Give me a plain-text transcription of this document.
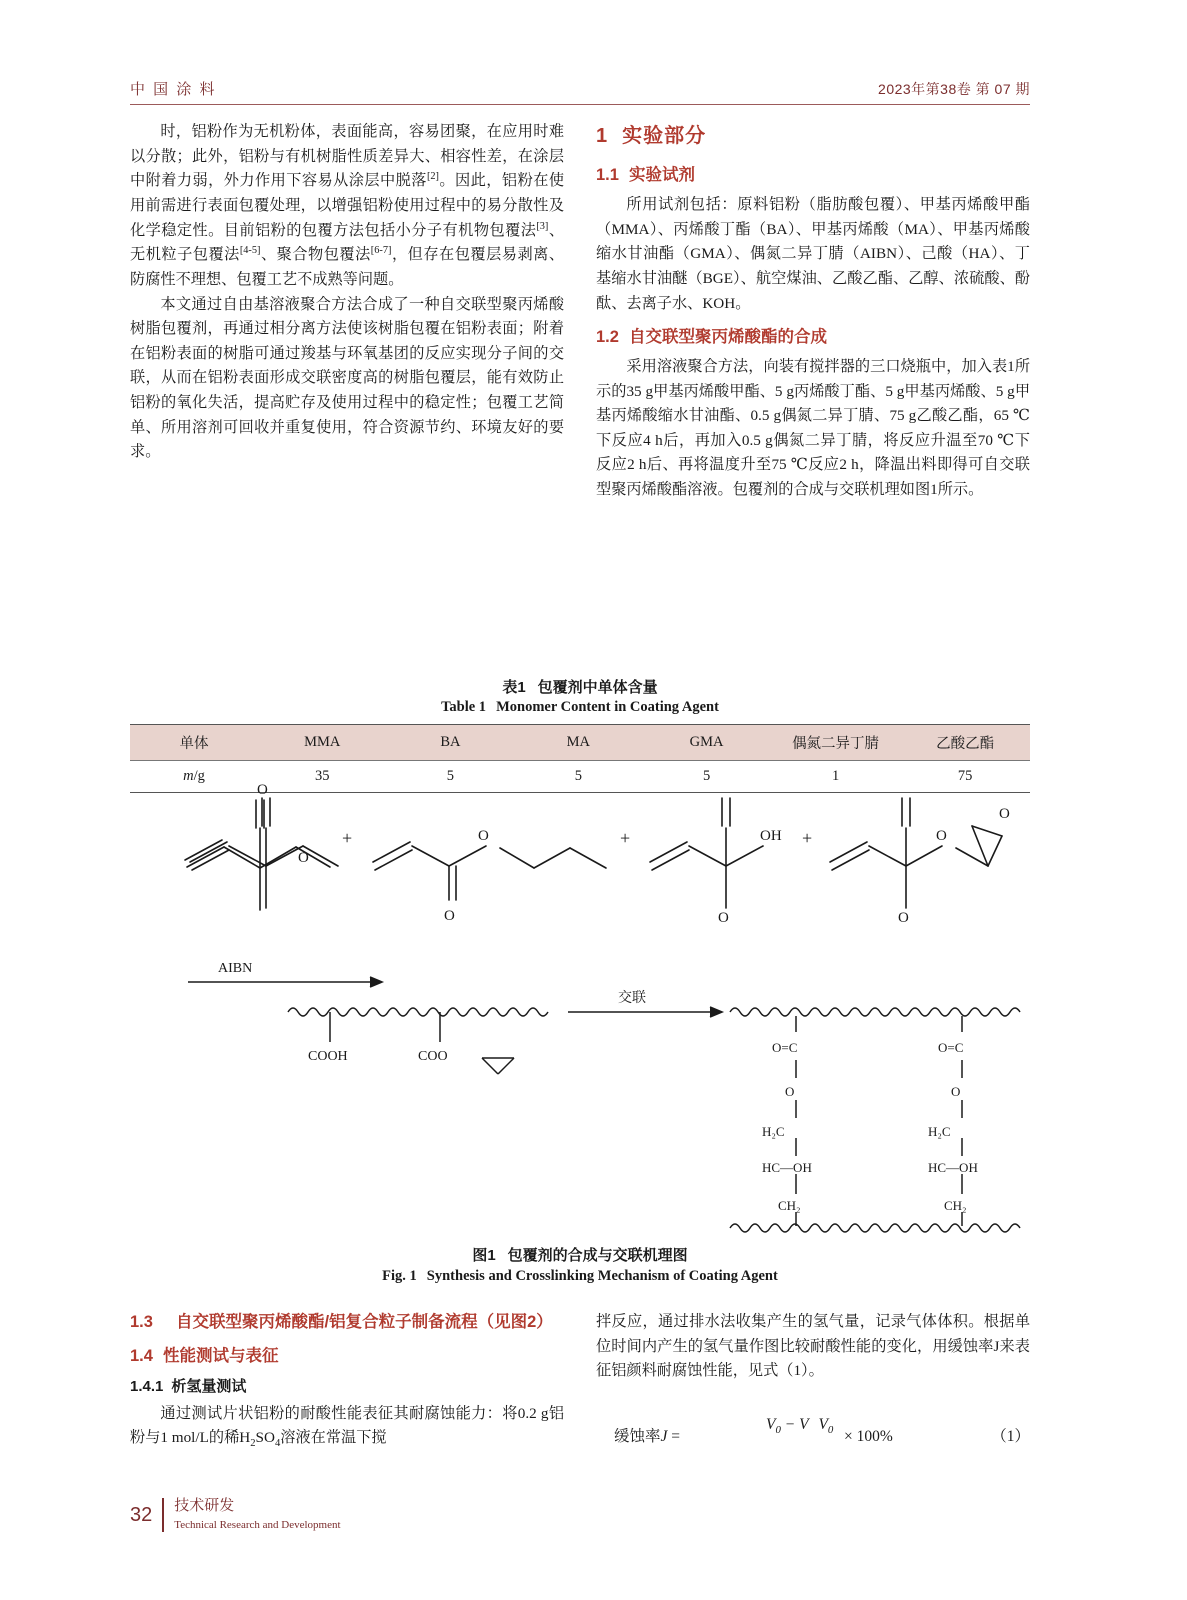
中 国 涂 料	2023年第38卷 第 07 期

时，铝粉作为无机粉体，表面能高，容易团聚，在应用时难以分散；此外，铝粉与有机树脂性质差异大、相容性差，在涂层中附着力弱，外力作用下容易从涂层中脱落[2]。因此，铝粉在使用前需进行表面包覆处理，以增强铝粉使用过程中的易分散性及化学稳定性。目前铝粉的包覆方法包括小分子有机物包覆法[3]、无机粒子包覆法[4-5]、聚合物包覆法[6-7]，但存在包覆层易剥离、防腐性不理想、包覆工艺不成熟等问题。

本文通过自由基溶液聚合方法合成了一种自交联型聚丙烯酸树脂包覆剂，再通过相分离方法使该树脂包覆在铝粉表面；附着在铝粉表面的树脂可通过羧基与环氧基团的反应实现分子间的交联，从而在铝粉表面形成交联密度高的树脂包覆层，能有效防止铝粉的氧化失活，提高贮存及使用过程中的稳定性；包覆工艺简单、所用溶剂可回收并重复使用，符合资源节约、环境友好的要求。

1 实验部分
1.1 实验试剂

所用试剂包括：原料铝粉（脂肪酸包覆）、甲基丙烯酸甲酯（MMA）、丙烯酸丁酯（BA）、甲基丙烯酸（MA）、甲基丙烯酸缩水甘油酯（GMA）、偶氮二异丁腈（AIBN）、己酸（HA）、丁基缩水甘油醚（BGE）、航空煤油、乙酸乙酯、乙醇、浓硫酸、酚酞、去离子水、KOH。

1.2 自交联型聚丙烯酸酯的合成

采用溶液聚合方法，向装有搅拌器的三口烧瓶中，加入表1所示的35 g甲基丙烯酸甲酯、5 g丙烯酸丁酯、5 g甲基丙烯酸、5 g甲基丙烯酸缩水甘油酯、0.5 g偶氮二异丁腈、75 g乙酸乙酯，65 ℃下反应4 h后，再加入0.5 g偶氮二异丁腈，将反应升温至70 ℃下反应2 h后、再将温度升至75 ℃反应2 h，降温出料即得可自交联型聚丙烯酸酯溶液。包覆剂的合成与交联机理如图1所示。

表1 包覆剂中单体含量
Table 1 Monomer Content in Coating Agent
单体	MMA	BA	MA	GMA	偶氮二异丁腈	乙酸乙酯
m/g	35	5	5	5	1	75
O
O
+	O
O
+	OH
O
+	O
O
O
AIBN
COOH	COO
交联
O=C	O=C
O	O
H₂C	H₂C
HC—OH	HC—OH
CH₂	CH₂
图1 包覆剂的合成与交联机理图
Fig. 1 Synthesis and Crosslinking Mechanism of Coating Agent
1.3 自交联型聚丙烯酸酯/铝复合粒子制备流程（见图2）
1.4 性能测试与表征
1.4.1 析氢量测试

通过测试片状铝粉的耐酸性能表征其耐腐蚀能力：将0.2 g铝粉与1 mol/L的稀$H_2SO_4$溶液在常温下搅

拌反应，通过排水法收集产生的氢气量，记录气体体积。根据单位时间内产生的氢气量作图比较耐酸性能的变化，用缓蚀率J来表征铝颜料耐腐蚀性能，见式（1）。

缓蚀率J =
$V_0 - V$ $V_0 \times 100\%$	（1）
32 技术研发
Technical Research and Development
